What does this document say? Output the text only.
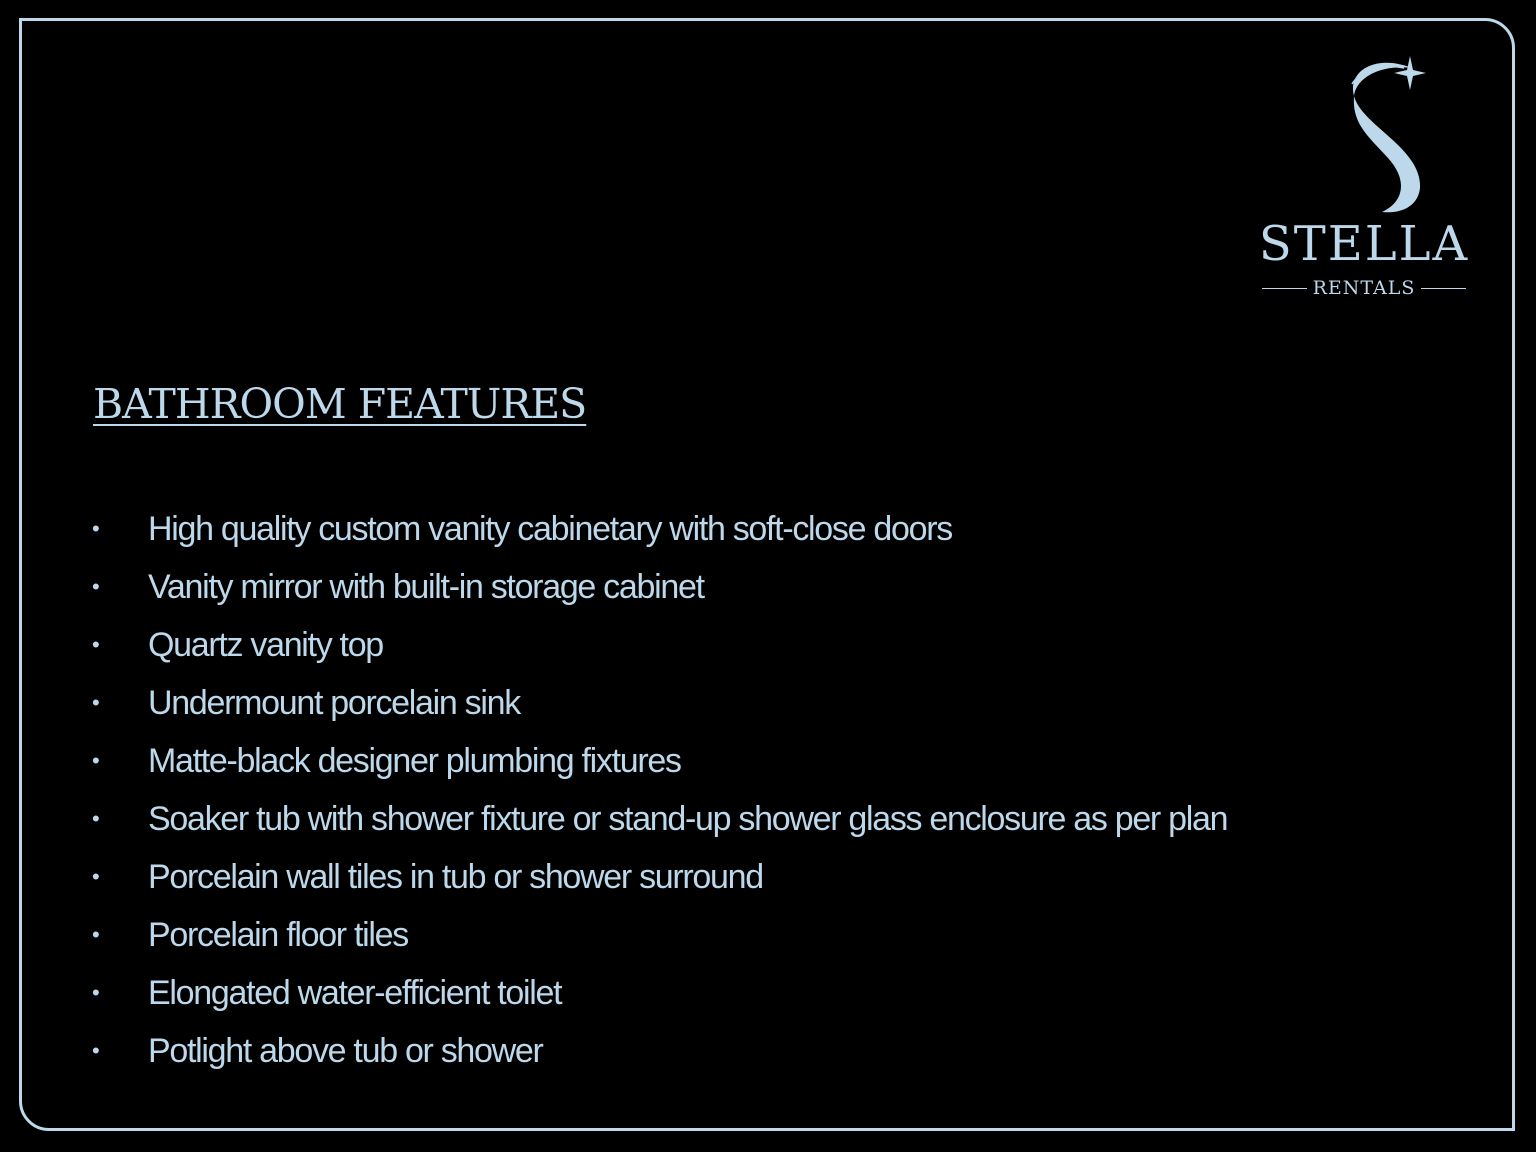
STELLA
RENTALS
BATHROOM FEATURES
• High quality custom vanity cabinetary with soft-close doors
• Vanity mirror with built-in storage cabinet
• Quartz vanity top
• Undermount porcelain sink
• Matte-black designer plumbing fixtures
• Soaker tub with shower fixture or stand-up shower glass enclosure as per plan
• Porcelain wall tiles in tub or shower surround
• Porcelain floor tiles
• Elongated water-efficient toilet
• Potlight above tub or shower
